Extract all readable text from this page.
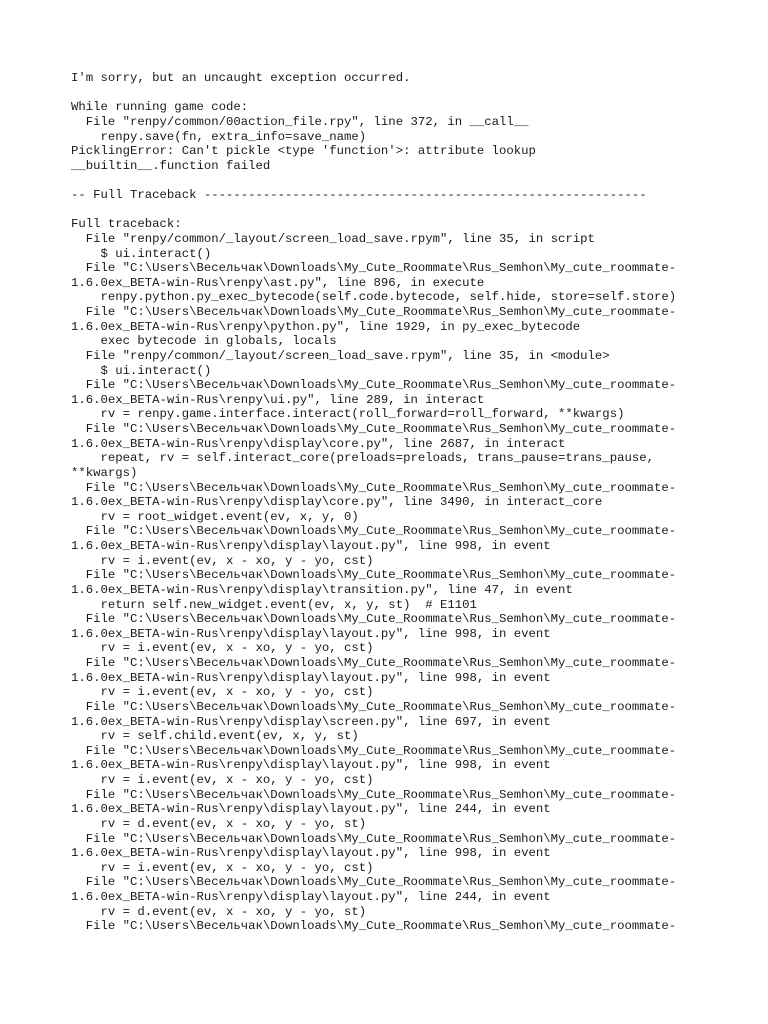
I'm sorry, but an uncaught exception occurred.
While running game code:
File "renpy/common/00action_file.rpy", line 372, in __call__
renpy.save(fn, extra_info=save_name)
PicklingError: Can't pickle <type 'function'>: attribute lookup
__builtin__.function failed
-- Full Traceback ------------------------------------------------------------
Full traceback:
File "renpy/common/_layout/screen_load_save.rpym", line 35, in script
$ ui.interact()
File "C:\Users\Весельчак\Downloads\My_Cute_Roommate\Rus_Semhon\My_cute_roommate-
1.6.0ex_BETA-win-Rus\renpy\ast.py", line 896, in execute
renpy.python.py_exec_bytecode(self.code.bytecode, self.hide, store=self.store)
File "C:\Users\Весельчак\Downloads\My_Cute_Roommate\Rus_Semhon\My_cute_roommate-
1.6.0ex_BETA-win-Rus\renpy\python.py", line 1929, in py_exec_bytecode
exec bytecode in globals, locals
File "renpy/common/_layout/screen_load_save.rpym", line 35, in <module>
$ ui.interact()
File "C:\Users\Весельчак\Downloads\My_Cute_Roommate\Rus_Semhon\My_cute_roommate-
1.6.0ex_BETA-win-Rus\renpy\ui.py", line 289, in interact
rv = renpy.game.interface.interact(roll_forward=roll_forward, **kwargs)
File "C:\Users\Весельчак\Downloads\My_Cute_Roommate\Rus_Semhon\My_cute_roommate-
1.6.0ex_BETA-win-Rus\renpy\display\core.py", line 2687, in interact
repeat, rv = self.interact_core(preloads=preloads, trans_pause=trans_pause,
**kwargs)
File "C:\Users\Весельчак\Downloads\My_Cute_Roommate\Rus_Semhon\My_cute_roommate-
1.6.0ex_BETA-win-Rus\renpy\display\core.py", line 3490, in interact_core
rv = root_widget.event(ev, x, y, 0)
File "C:\Users\Весельчак\Downloads\My_Cute_Roommate\Rus_Semhon\My_cute_roommate-
1.6.0ex_BETA-win-Rus\renpy\display\layout.py", line 998, in event
rv = i.event(ev, x - xo, y - yo, cst)
File "C:\Users\Весельчак\Downloads\My_Cute_Roommate\Rus_Semhon\My_cute_roommate-
1.6.0ex_BETA-win-Rus\renpy\display\transition.py", line 47, in event
return self.new_widget.event(ev, x, y, st)  # E1101
File "C:\Users\Весельчак\Downloads\My_Cute_Roommate\Rus_Semhon\My_cute_roommate-
1.6.0ex_BETA-win-Rus\renpy\display\layout.py", line 998, in event
rv = i.event(ev, x - xo, y - yo, cst)
File "C:\Users\Весельчак\Downloads\My_Cute_Roommate\Rus_Semhon\My_cute_roommate-
1.6.0ex_BETA-win-Rus\renpy\display\layout.py", line 998, in event
rv = i.event(ev, x - xo, y - yo, cst)
File "C:\Users\Весельчак\Downloads\My_Cute_Roommate\Rus_Semhon\My_cute_roommate-
1.6.0ex_BETA-win-Rus\renpy\display\screen.py", line 697, in event
rv = self.child.event(ev, x, y, st)
File "C:\Users\Весельчак\Downloads\My_Cute_Roommate\Rus_Semhon\My_cute_roommate-
1.6.0ex_BETA-win-Rus\renpy\display\layout.py", line 998, in event
rv = i.event(ev, x - xo, y - yo, cst)
File "C:\Users\Весельчак\Downloads\My_Cute_Roommate\Rus_Semhon\My_cute_roommate-
1.6.0ex_BETA-win-Rus\renpy\display\layout.py", line 244, in event
rv = d.event(ev, x - xo, y - yo, st)
File "C:\Users\Весельчак\Downloads\My_Cute_Roommate\Rus_Semhon\My_cute_roommate-
1.6.0ex_BETA-win-Rus\renpy\display\layout.py", line 998, in event
rv = i.event(ev, x - xo, y - yo, cst)
File "C:\Users\Весельчак\Downloads\My_Cute_Roommate\Rus_Semhon\My_cute_roommate-
1.6.0ex_BETA-win-Rus\renpy\display\layout.py", line 244, in event
rv = d.event(ev, x - xo, y - yo, st)
File "C:\Users\Весельчак\Downloads\My_Cute_Roommate\Rus_Semhon\My_cute_roommate-
